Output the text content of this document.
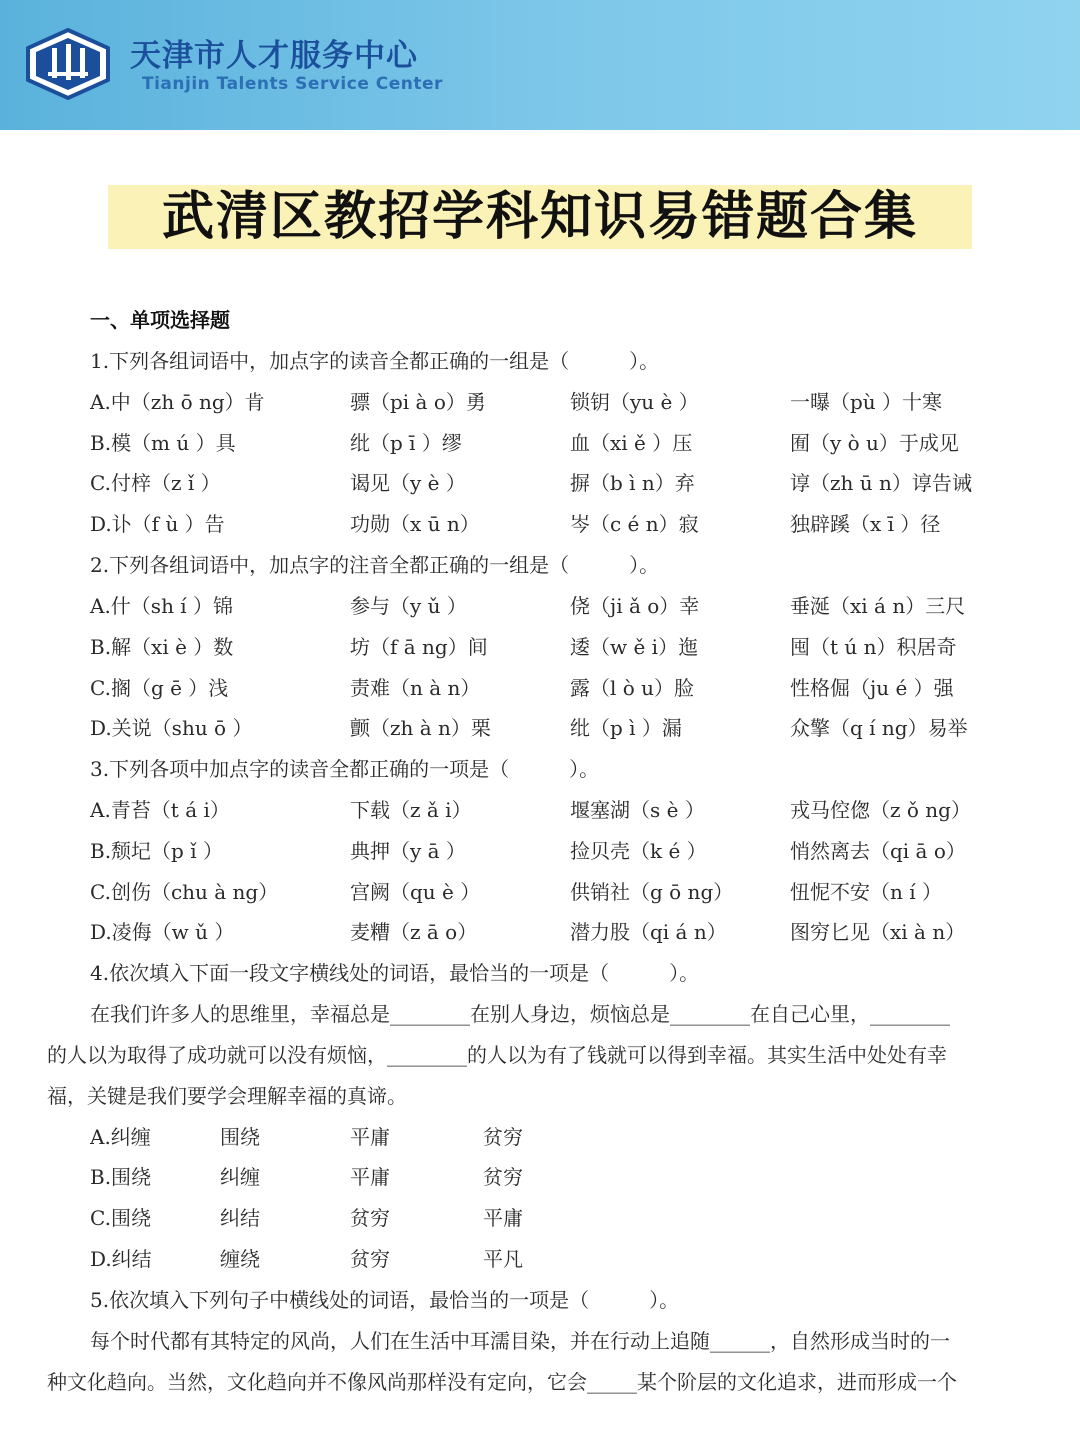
天津市人才服务中心
Tianjin Talents Service Center
武清区教招学科知识易错题合集
一、单项选择题
1.下列各组词语中，加点字的读音全都正确的一组是（　　　）。
A.中（zh ō ng）肯	骠（pi à o）勇	锁钥（yu è ）	一曝（pù ）十寒
B.模（m ú ）具	纰（p ī ）缪	血（xi ě ）压	囿（y ò u）于成见
C.付梓（z ǐ ）	谒见（y è ）	摒（b ì n）弃	谆（zh ū n）谆告诫
D.讣（f ù ）告	功勋（x ū n）	岑（c é n）寂	独辟蹊（x ī ）径
2.下列各组词语中，加点字的注音全都正确的一组是（　　　）。
A.什（sh í ）锦	参与（y ǔ ）	侥（ji ǎ o）幸	垂涎（xi á n）三尺
B.解（xi è ）数	坊（f ā ng）间	逶（w ě i）迤	囤（t ú n）积居奇
C.搁（g ē ）浅	责难（n à n）	露（l ò u）脸	性格倔（ju é ）强
D.关说（shu ō ）	颤（zh à n）栗	纰（p ì ）漏	众擎（q í ng）易举
3.下列各项中加点字的读音全都正确的一项是（　　　）。
A.青苔（t á i）	下载（z ǎ i）	堰塞湖（s è ）	戎马倥偬（z ǒ ng）
B.颓圮（p ǐ ）	典押（y ā ）	捡贝壳（k é ）	悄然离去（qi ā o）
C.创伤（chu à ng）	宫阙（qu è ）	供销社（g ō ng）	忸怩不安（n í ）
D.凌侮（w ǔ ）	麦糟（z ā o）	潜力股（qi á n）	图穷匕见（xi à n）
4.依次填入下面一段文字横线处的词语，最恰当的一项是（　　　）。
在我们许多人的思维里，幸福总是________在别人身边，烦恼总是________在自己心里，________
的人以为取得了成功就可以没有烦恼，________的人以为有了钱就可以得到幸福。其实生活中处处有幸
福，关键是我们要学会理解幸福的真谛。
A.纠缠	围绕	平庸	贫穷
B.围绕	纠缠	平庸	贫穷
C.围绕	纠结	贫穷	平庸
D.纠结	缠绕	贫穷	平凡
5.依次填入下列句子中横线处的词语，最恰当的一项是（　　　）。
每个时代都有其特定的风尚，人们在生活中耳濡目染，并在行动上追随______，自然形成当时的一
种文化趋向。当然，文化趋向并不像风尚那样没有定向，它会_____某个阶层的文化追求，进而形成一个
